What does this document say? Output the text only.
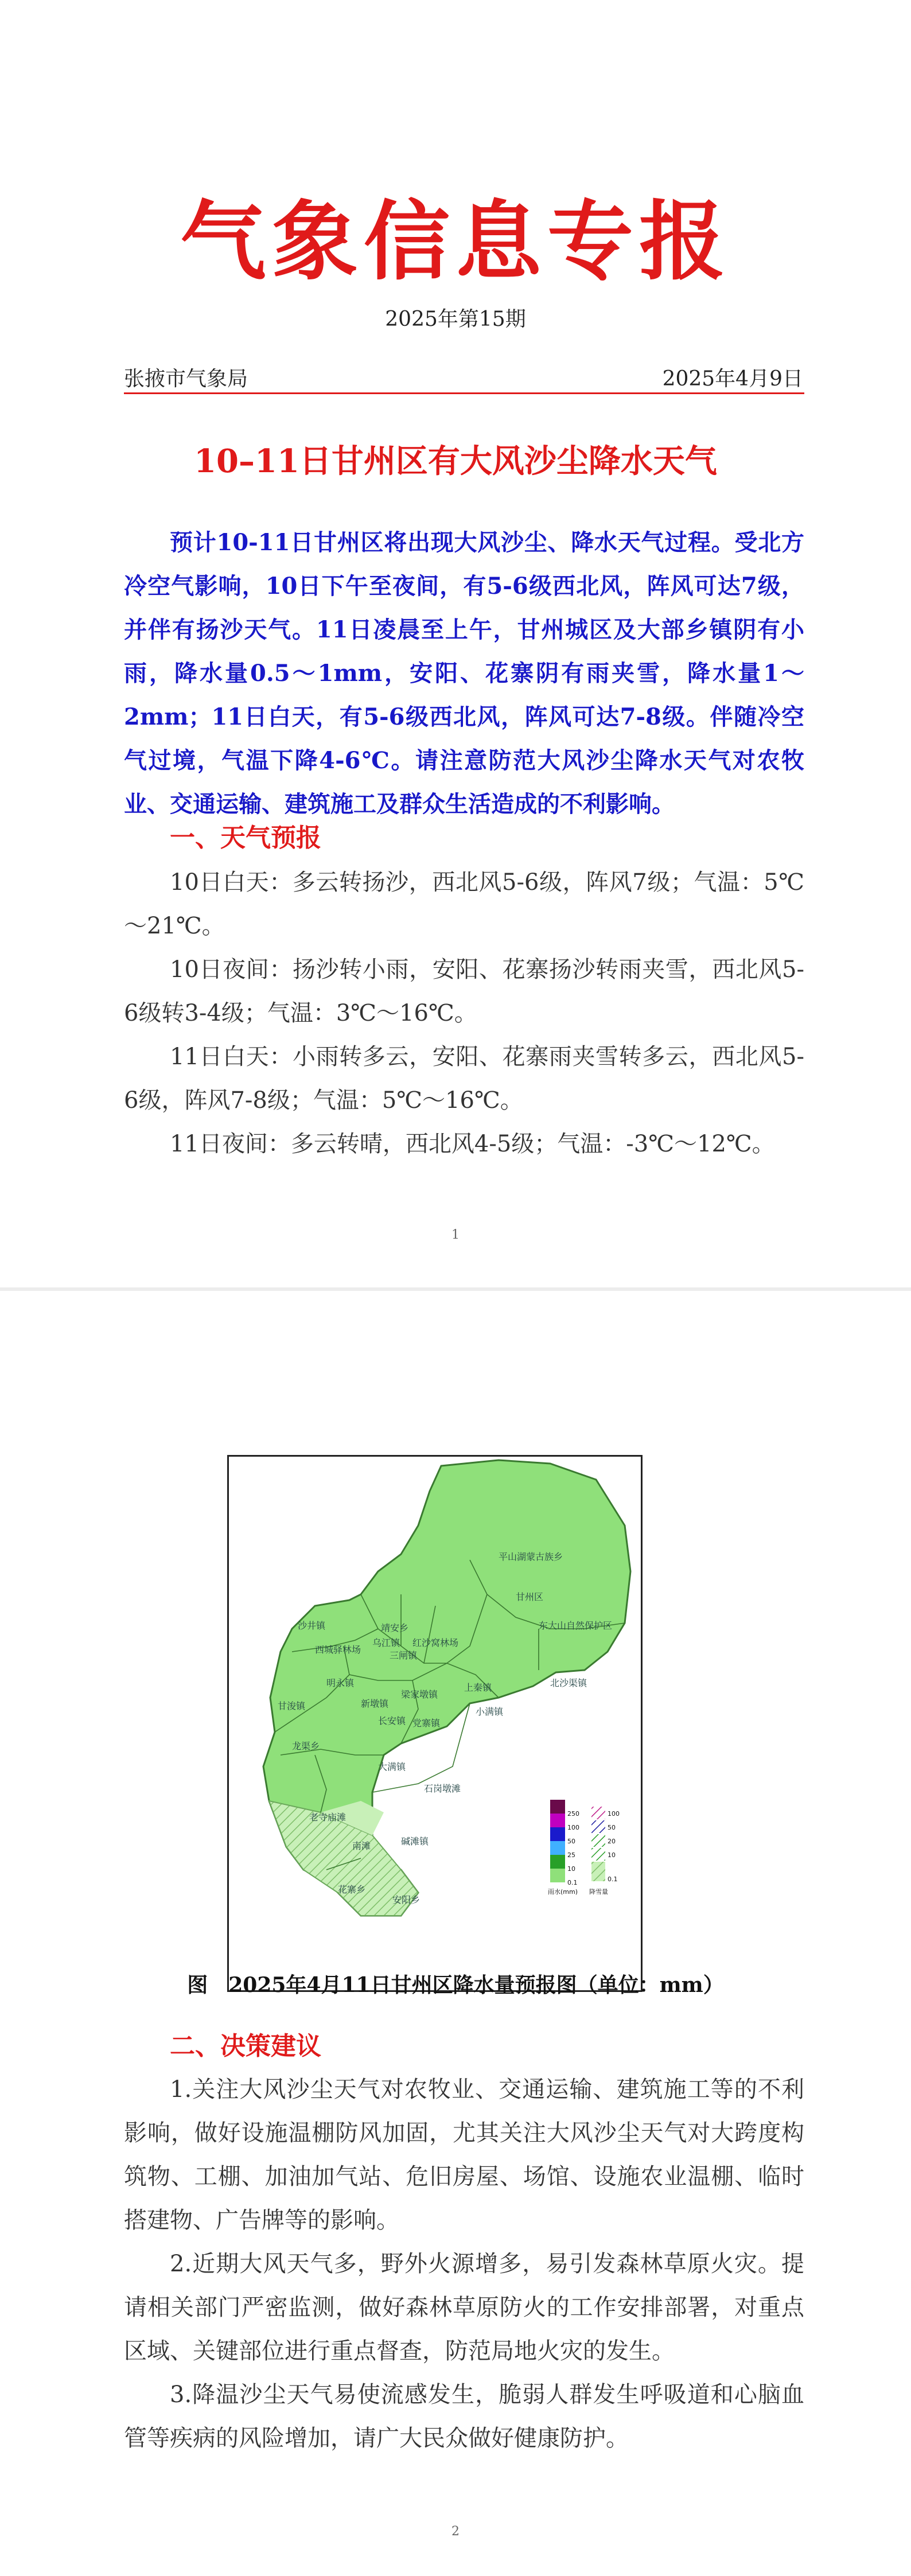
气象信息专报
2025年第15期
张掖市气象局	2025年4月9日
10–11日甘州区有大风沙尘降水天气
预计10-11日甘州区将出现大风沙尘、降水天气过程。受北方冷空气影响，10日下午至夜间，有5-6级西北风，阵风可达7级，并伴有扬沙天气。11日凌晨至上午，甘州城区及大部乡镇阴有小雨，降水量0.5～1mm，安阳、花寨阴有雨夹雪，降水量1～2mm；11日白天，有5-6级西北风，阵风可达7-8级。伴随冷空气过境，气温下降4-6℃。请注意防范大风沙尘降水天气对农牧业、交通运输、建筑施工及群众生活造成的不利影响。
一、天气预报
10日白天：多云转扬沙，西北风5-6级，阵风7级；气温：5℃～21℃。
10日夜间：扬沙转小雨，安阳、花寨扬沙转雨夹雪，西北风5-6级转3-4级；气温：3℃～16℃。
11日白天：小雨转多云，安阳、花寨雨夹雪转多云，西北风5-6级，阵风7-8级；气温：5℃～16℃。
11日夜间：多云转晴，西北风4-5级；气温：-3℃～12℃。
1
平山湖蒙古族乡
甘州区
东大山自然保护区
北沙渠镇
沙井镇
西城驿林场
乌江镇
靖安乡
红沙窝林场
三闸镇
明永镇
甘浚镇	新墩镇
梁家墩镇
长安镇
上秦镇
党寨镇
小满镇
大满镇
石岗墩滩
龙渠乡
花寨乡
安阳乡
碱滩镇
南滩
老寺庙滩	250
100
50
25
10
0.1
雨水(mm)
100
50
20
10
0.1
降雪量
图　2025年4月11日甘州区降水量预报图（单位：mm）
二、决策建议
1.关注大风沙尘天气对农牧业、交通运输、建筑施工等的不利影响，做好设施温棚防风加固，尤其关注大风沙尘天气对大跨度构筑物、工棚、加油加气站、危旧房屋、场馆、设施农业温棚、临时搭建物、广告牌等的影响。
2.近期大风天气多，野外火源增多，易引发森林草原火灾。提请相关部门严密监测，做好森林草原防火的工作安排部署，对重点区域、关键部位进行重点督查，防范局地火灾的发生。
3.降温沙尘天气易使流感发生，脆弱人群发生呼吸道和心脑血管等疾病的风险增加，请广大民众做好健康防护。
2
